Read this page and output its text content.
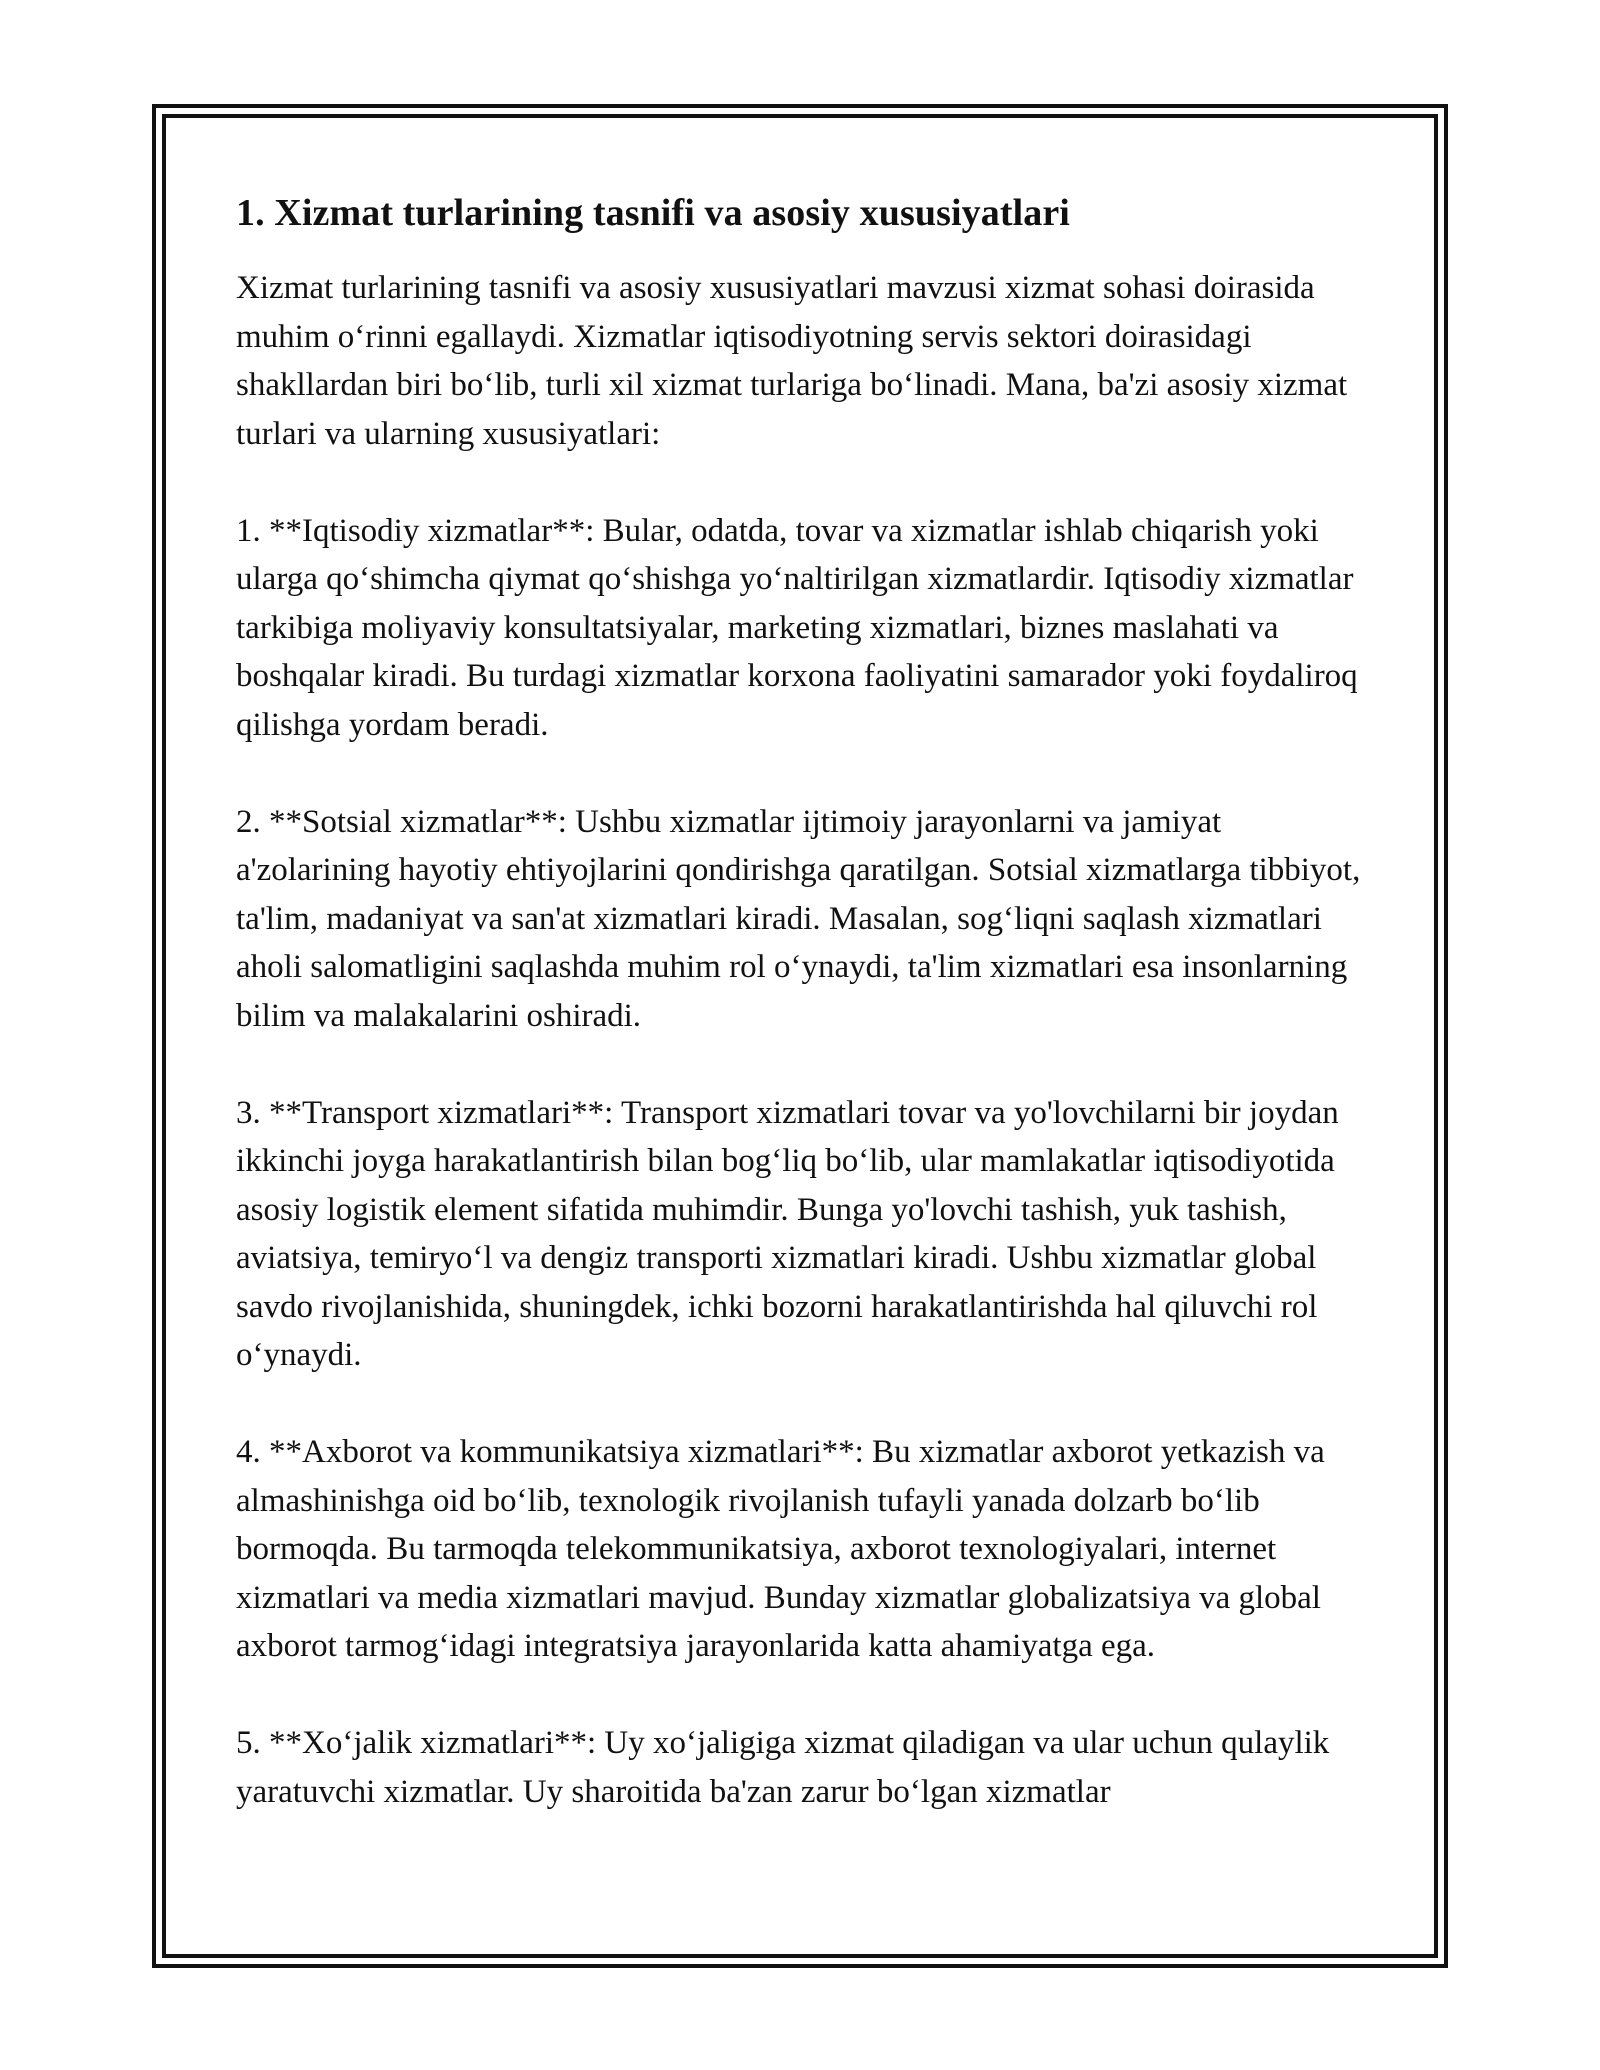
1. Xizmat turlarining tasnifi va asosiy xususiyatlari

Xizmat turlarining tasnifi va asosiy xususiyatlari mavzusi xizmat sohasi doirasida muhim o‘rinni egallaydi. Xizmatlar iqtisodiyotning servis sektori doirasidagi shakllardan biri bo‘lib, turli xil xizmat turlariga bo‘linadi. Mana, ba'zi asosiy xizmat turlari va ularning xususiyatlari:

1. **Iqtisodiy xizmatlar**: Bular, odatda, tovar va xizmatlar ishlab chiqarish yoki ularga qo‘shimcha qiymat qo‘shishga yo‘naltirilgan xizmatlardir. Iqtisodiy xizmatlar tarkibiga moliyaviy konsultatsiyalar, marketing xizmatlari, biznes maslahati va boshqalar kiradi. Bu turdagi xizmatlar korxona faoliyatini samarador yoki foydaliroq qilishga yordam beradi.

2. **Sotsial xizmatlar**: Ushbu xizmatlar ijtimoiy jarayonlarni va jamiyat a'zolarining hayotiy ehtiyojlarini qondirishga qaratilgan. Sotsial xizmatlarga tibbiyot, ta'lim, madaniyat va san'at xizmatlari kiradi. Masalan, sog‘liqni saqlash xizmatlari aholi salomatligini saqlashda muhim rol o‘ynaydi, ta'lim xizmatlari esa insonlarning bilim va malakalarini oshiradi.

3. **Transport xizmatlari**: Transport xizmatlari tovar va yo'lovchilarni bir joydan ikkinchi joyga harakatlantirish bilan bog‘liq bo‘lib, ular mamlakatlar iqtisodiyotida asosiy logistik element sifatida muhimdir. Bunga yo'lovchi tashish, yuk tashish, aviatsiya, temiryo‘l va dengiz transporti xizmatlari kiradi. Ushbu xizmatlar global savdo rivojlanishida, shuningdek, ichki bozorni harakatlantirishda hal qiluvchi rol o‘ynaydi.

4. **Axborot va kommunikatsiya xizmatlari**: Bu xizmatlar axborot yetkazish va almashinishga oid bo‘lib, texnologik rivojlanish tufayli yanada dolzarb bo‘lib bormoqda. Bu tarmoqda telekommunikatsiya, axborot texnologiyalari, internet xizmatlari va media xizmatlari mavjud. Bunday xizmatlar globalizatsiya va global axborot tarmog‘idagi integratsiya jarayonlarida katta ahamiyatga ega.

5. **Xo‘jalik xizmatlari**: Uy xo‘jaligiga xizmat qiladigan va ular uchun qulaylik yaratuvchi xizmatlar. Uy sharoitida ba'zan zarur bo‘lgan xizmatlar
